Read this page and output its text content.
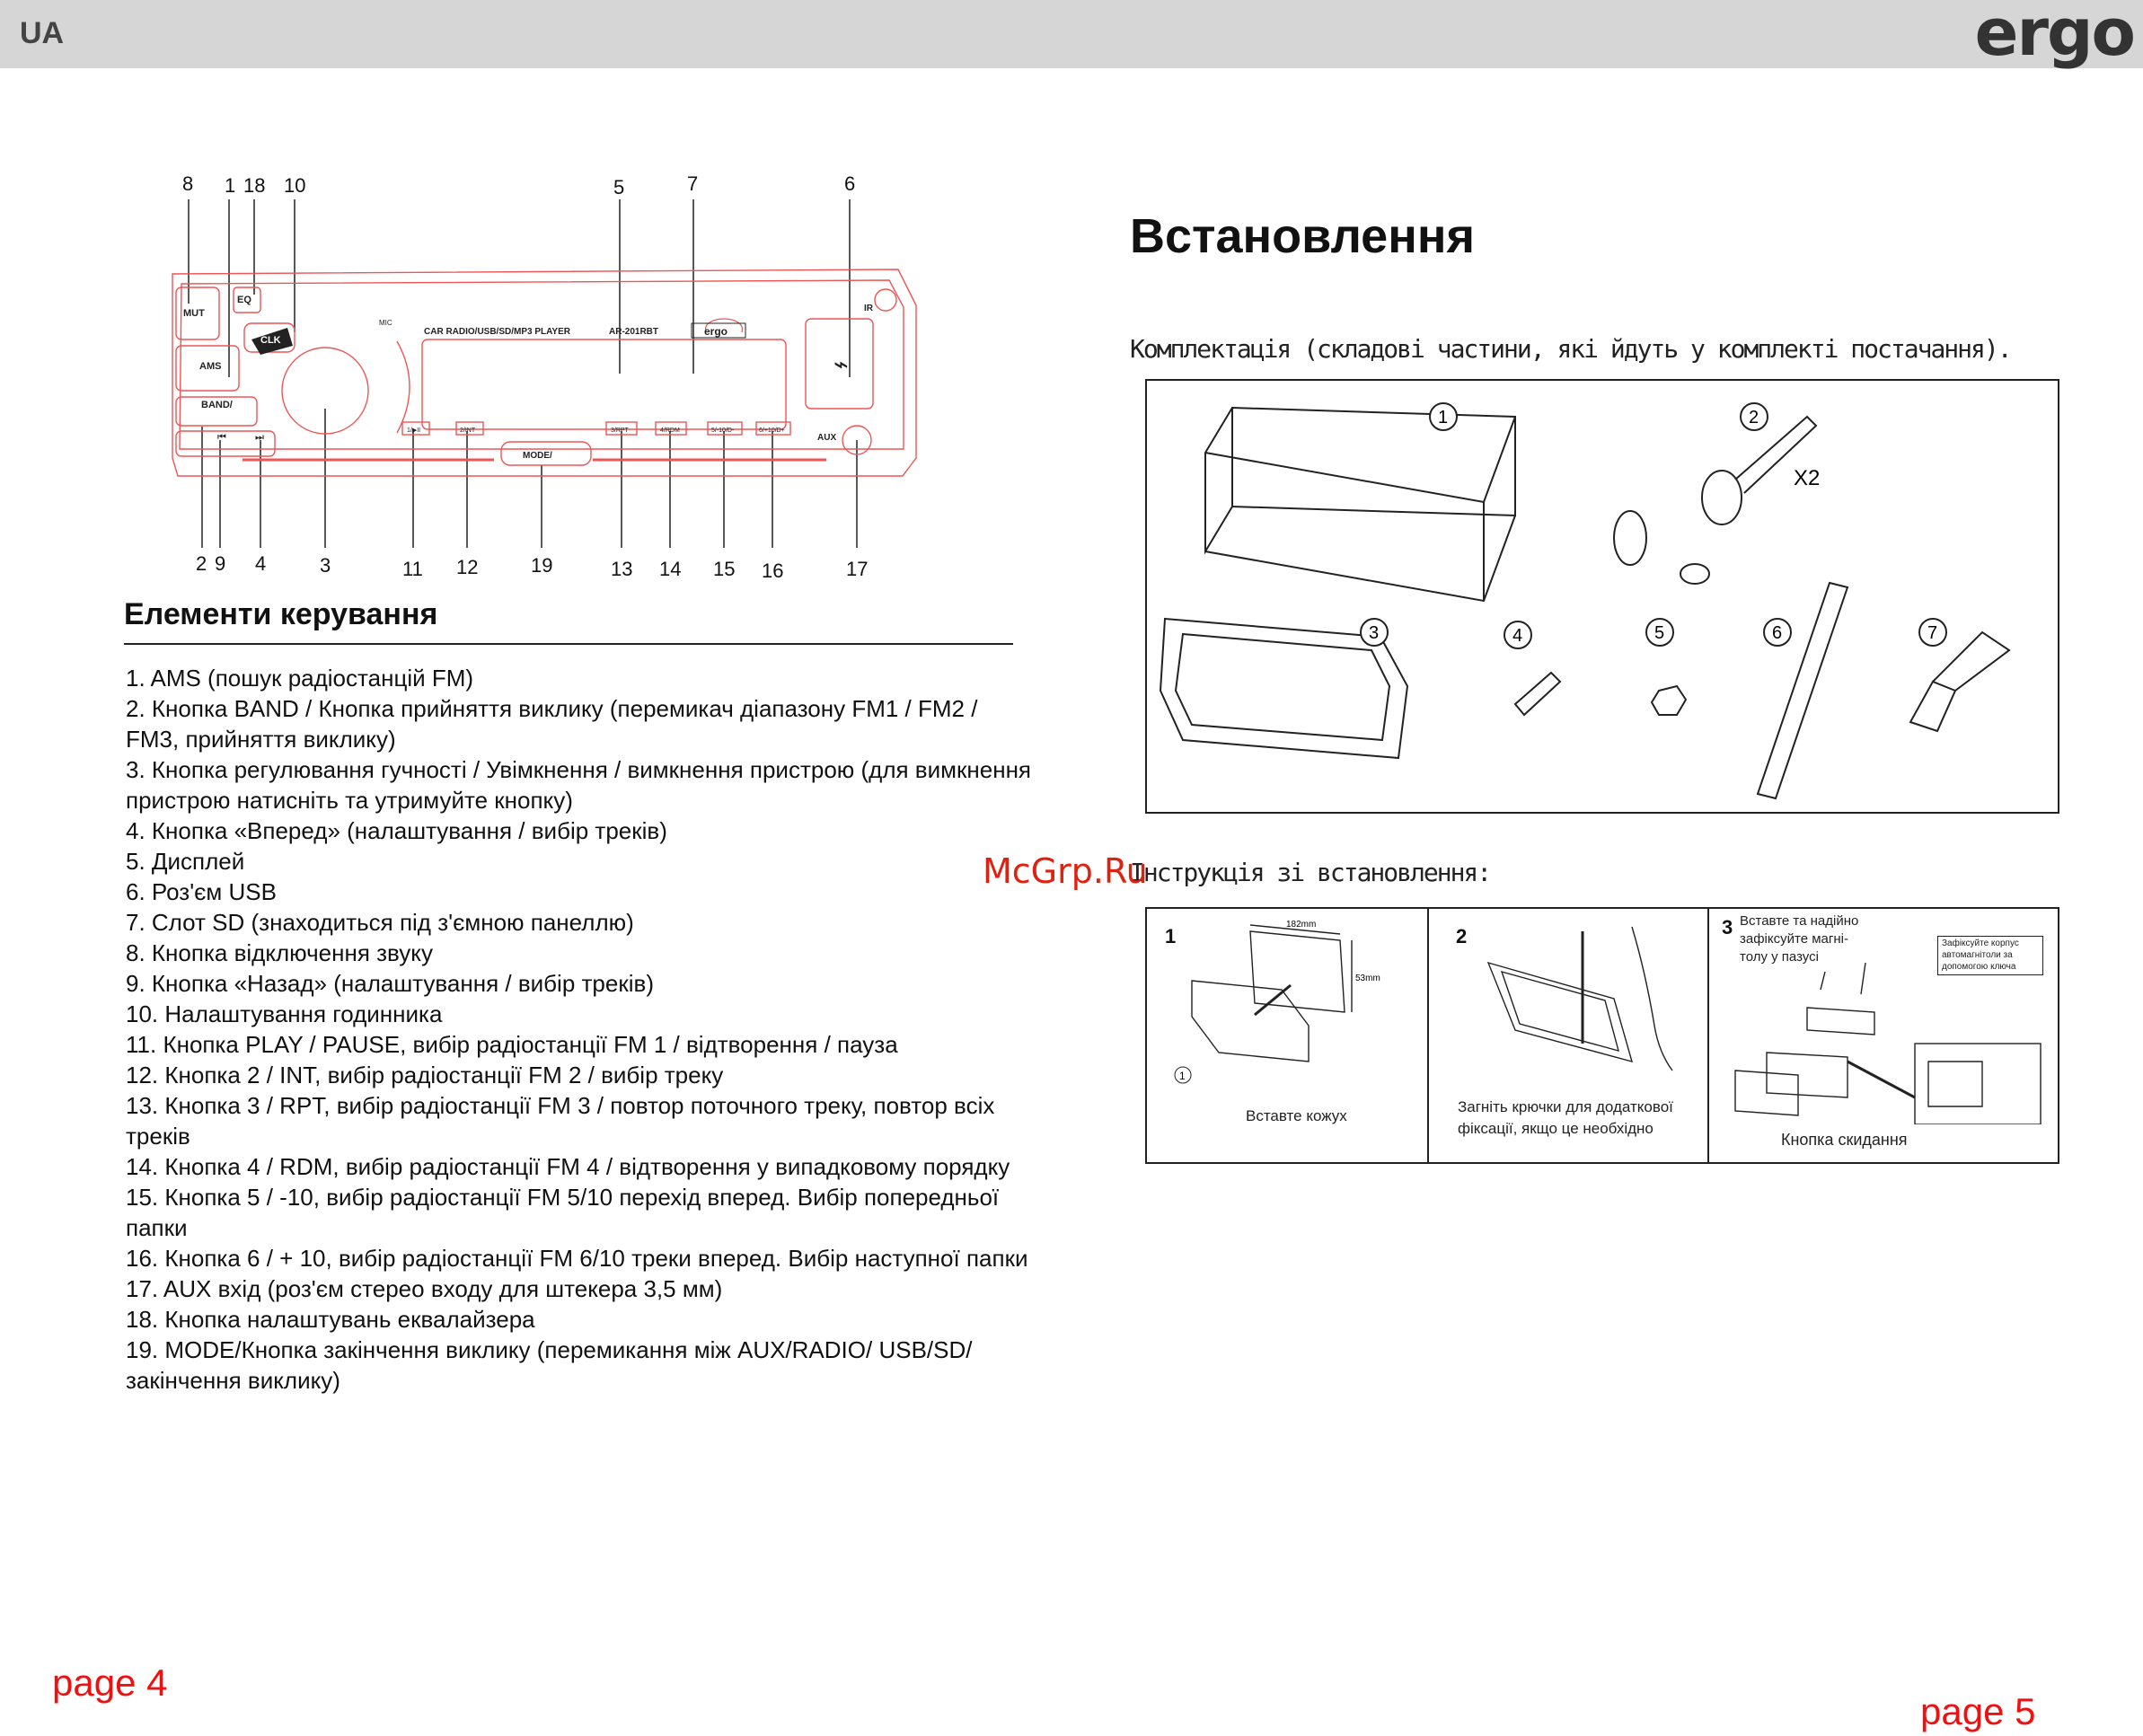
UA	ergo
MUT
EQ
CLK
AMS
BAND/
MIC
CAR RADIO/USB/SD/MP3 PLAYER	AR-201RBT	ergo
IR
AUX
MODE/
1/▶II	2/INT	3/RPT	4/RDM	5/-10/D-	6/+10/D+
⏮	⏭
⌁
8 1 18 10	5	7	6
2 9 4	3	11 12	19	13 14 15 16	17
Елементи керування
1. AMS (пошук радіостанцій FM)
2. Кнопка BAND / Кнопка прийняття виклику (перемикач діапазону FM1 / FM2 / FM3, прийняття виклику)
3. Кнопка регулювання гучності / Увімкнення / вимкнення пристрою (для вимкнення пристрою натисніть та утримуйте кнопку)
4. Кнопка «Вперед» (налаштування / вибір треків)
5. Дисплей
6. Роз'єм USB
7. Слот SD (знаходиться під з'ємною панеллю)
8. Кнопка відключення звуку
9. Кнопка «Назад» (налаштування / вибір треків)
10. Налаштування годинника
11. Кнопка PLAY / PAUSE, вибір радіостанції FM 1 / відтворення / пауза
12. Кнопка 2 / INT, вибір радіостанції FM 2 / вибір треку
13. Кнопка 3 / RPT, вибір радіостанції FM 3 / повтор поточного треку, повтор всіх треків
14. Кнопка 4 / RDM, вибір радіостанції FM 4 / відтворення у випадковому порядку
15. Кнопка 5 / -10, вибір радіостанції FM 5/10 перехід вперед. Вибір попередньої папки
16. Кнопка 6 / + 10, вибір радіостанції FM 6/10 треки вперед. Вибір наступної папки
17. AUX вхід (роз'єм стерео входу для штекера 3,5 мм)
18. Кнопка налаштувань еквалайзера
19. MODE/Кнопка закінчення виклику (перемикання між AUX/RADIO/ USB/SD/закінчення виклику)
Встановлення
Комплектація (складові частини, які йдуть у комплекті постачання).
1	2
3	4	5	6	7
X2
Інструкція зі встановлення:
McGrp.Ru
1
1
182mm
53mm
Вставте кожух
2
Загніть крючки для додаткової
фіксації, якщо це необхідно
3 Вставте та надійно
зафіксуйте магні-
толу у пазусі
Зафіксуйте корпус
автомагнітоли за
допомогою ключа
Кнопка скидання
page 4
page 5
